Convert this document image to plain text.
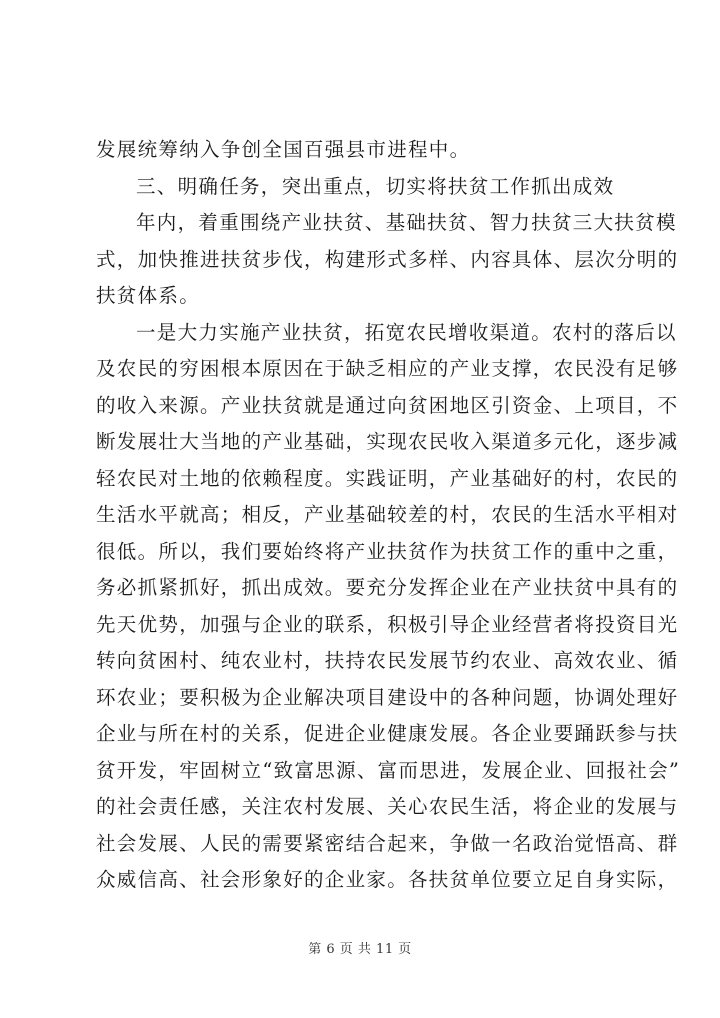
发展统筹纳入争创全国百强县市进程中。
三、明确任务，突出重点，切实将扶贫工作抓出成效
年内，着重围绕产业扶贫、基础扶贫、智力扶贫三大扶贫模
式，加快推进扶贫步伐，构建形式多样、内容具体、层次分明的
扶贫体系。
一是大力实施产业扶贫，拓宽农民增收渠道。农村的落后以
及农民的穷困根本原因在于缺乏相应的产业支撑，农民没有足够
的收入来源。产业扶贫就是通过向贫困地区引资金、上项目，不
断发展壮大当地的产业基础，实现农民收入渠道多元化，逐步减
轻农民对土地的依赖程度。实践证明，产业基础好的村，农民的
生活水平就高；相反，产业基础较差的村，农民的生活水平相对
很低。所以，我们要始终将产业扶贫作为扶贫工作的重中之重，
务必抓紧抓好，抓出成效。要充分发挥企业在产业扶贫中具有的
先天优势，加强与企业的联系，积极引导企业经营者将投资目光
转向贫困村、纯农业村，扶持农民发展节约农业、高效农业、循
环农业；要积极为企业解决项目建设中的各种问题，协调处理好
企业与所在村的关系，促进企业健康发展。各企业要踊跃参与扶
贫开发，牢固树立“致富思源、富而思进，发展企业、回报社会”
的社会责任感，关注农村发展、关心农民生活，将企业的发展与
社会发展、人民的需要紧密结合起来，争做一名政治觉悟高、群
众威信高、社会形象好的企业家。各扶贫单位要立足自身实际，
第 6 页 共 11 页
